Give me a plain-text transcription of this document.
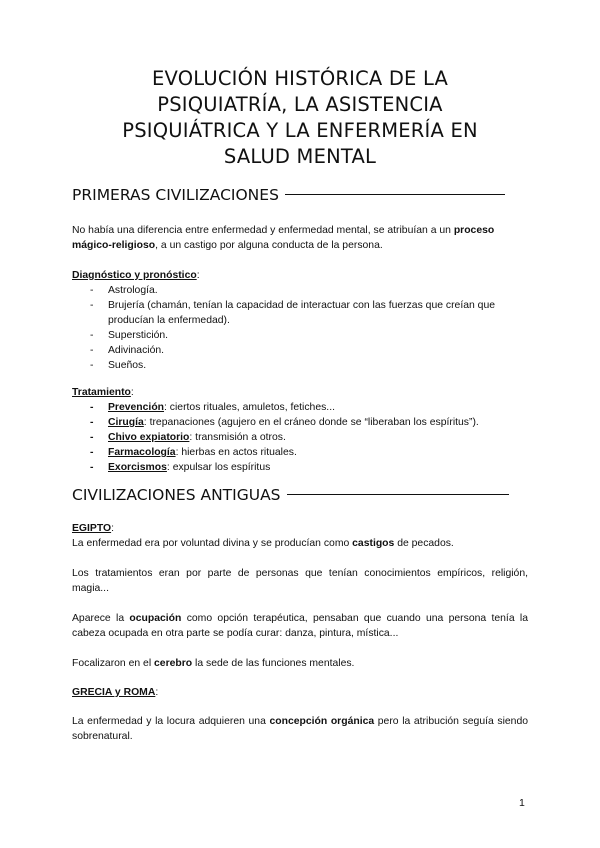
EVOLUCIÓN HISTÓRICA DE LA
PSIQUIATRÍA, LA ASISTENCIA
PSIQUIÁTRICA Y LA ENFERMERÍA EN
SALUD MENTAL
PRIMERAS CIVILIZACIONES

No había una diferencia entre enfermedad y enfermedad mental, se atribuían a un proceso mágico-religioso, a un castigo por alguna conducta de la persona.

Diagnóstico y pronóstico:

- Astrología.
- Brujería (chamán, tenían la capacidad de interactuar con las fuerzas que creían que producían la enfermedad).
- Superstición.
- Adivinación.
- Sueños.

Tratamiento:

- Prevención: ciertos rituales, amuletos, fetiches...
- Cirugía: trepanaciones (agujero en el cráneo donde se “liberaban los espíritus”).
- Chivo expiatorio: transmisión a otros.
- Farmacología: hierbas en actos rituales.
- Exorcismos: expulsar los espíritus
CIVILIZACIONES ANTIGUAS

EGIPTO:

La enfermedad era por voluntad divina y se producían como castigos de pecados.

Los tratamientos eran por parte de personas que tenían conocimientos empíricos, religión, magia...

Aparece la ocupación como opción terapéutica, pensaban que cuando una persona tenía la cabeza ocupada en otra parte se podía curar: danza, pintura, mística...

Focalizaron en el cerebro la sede de las funciones mentales.

GRECIA y ROMA:

La enfermedad y la locura adquieren una concepción orgánica pero la atribución seguía siendo sobrenatural.

1
